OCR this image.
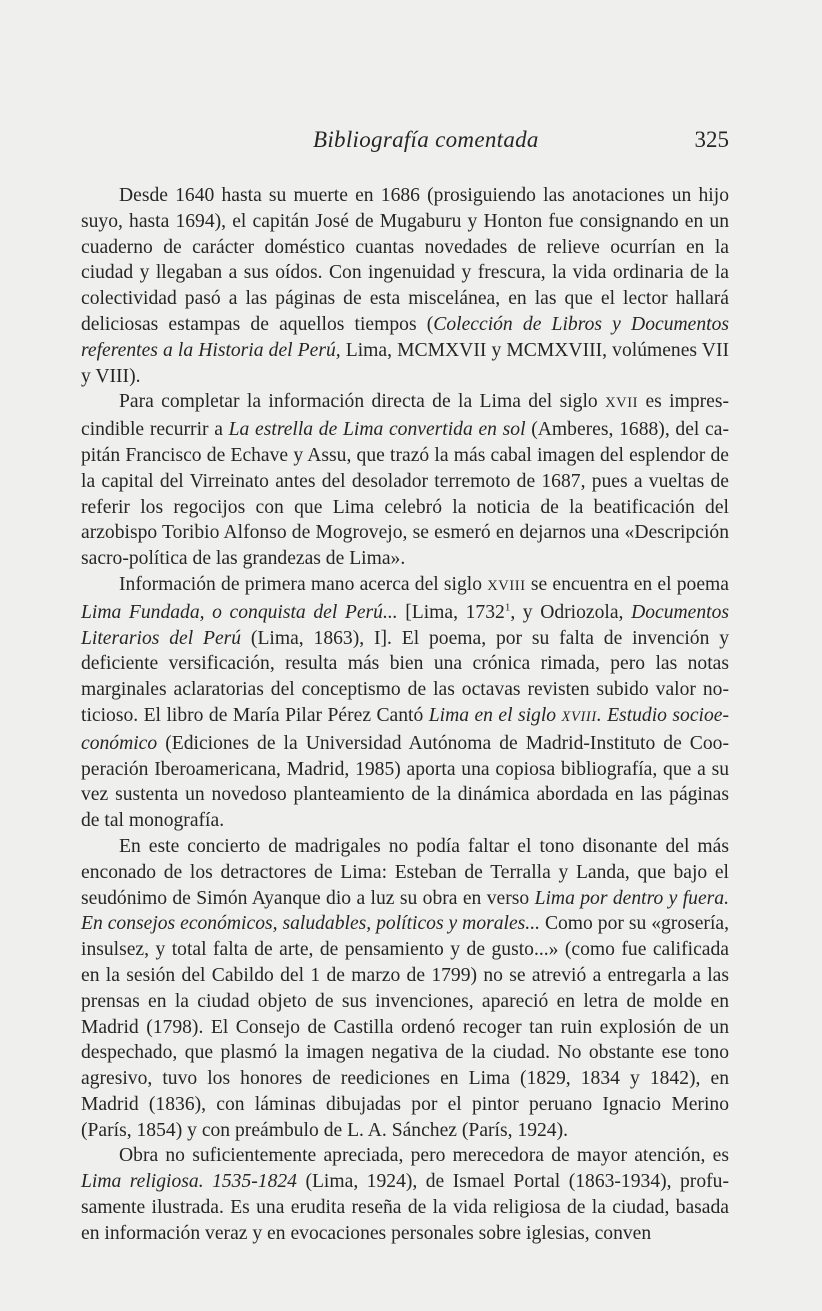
Bibliografía comentada	325

Desde 1640 hasta su muerte en 1686 (prosiguiendo las anotaciones un hijo suyo, hasta 1694), el capitán José de Mugaburu y Honton fue consignando en un cuaderno de carácter doméstico cuantas novedades de relieve ocurrían en la ciudad y llegaban a sus oídos. Con ingenuidad y frescura, la vida ordinaria de la colectividad pasó a las páginas de esta miscelánea, en las que el lector hallará deliciosas estampas de aquellos tiempos (Colección de Libros y Documentos referentes a la Historia del Perú, Lima, MCMXVII y MCMXVIII, volúmenes VII y VIII).

Para completar la información directa de la Lima del siglo XVII es imprescindible recurrir a La estrella de Lima convertida en sol (Amberes, 1688), del capitán Francisco de Echave y Assu, que trazó la más cabal imagen del esplendor de la capital del Virreinato antes del desolador terremoto de 1687, pues a vueltas de referir los regocijos con que Lima celebró la noticia de la beatificación del arzobispo Toribio Alfonso de Mogrovejo, se esmeró en dejarnos una «Descripción sacro-política de las grandezas de Lima».

Información de primera mano acerca del siglo XVIII se encuentra en el poema Lima Fundada, o conquista del Perú... [Lima, 1732$^1$, y Odriozola, Documentos Literarios del Perú (Lima, 1863), I]. El poema, por su falta de invención y deficiente versificación, resulta más bien una crónica rimada, pero las notas marginales aclaratorias del conceptismo de las octavas revisten subido valor noticioso. El libro de María Pilar Pérez Cantó Lima en el siglo XVIII. Estudio socioeconómico (Ediciones de la Universidad Autónoma de Madrid-Instituto de Cooperación Iberoamericana, Madrid, 1985) aporta una copiosa bibliografía, que a su vez sustenta un novedoso planteamiento de la dinámica abordada en las páginas de tal monografía.

En este concierto de madrigales no podía faltar el tono disonante del más enconado de los detractores de Lima: Esteban de Terralla y Landa, que bajo el seudónimo de Simón Ayanque dio a luz su obra en verso Lima por dentro y fuera. En consejos económicos, saludables, políticos y morales... Como por su «grosería, insulsez, y total falta de arte, de pensamiento y de gusto...» (como fue calificada en la sesión del Cabildo del 1 de marzo de 1799) no se atrevió a entregarla a las prensas en la ciudad objeto de sus invenciones, apareció en letra de molde en Madrid (1798). El Consejo de Castilla ordenó recoger tan ruin explosión de un despechado, que plasmó la imagen negativa de la ciudad. No obstante ese tono agresivo, tuvo los honores de reediciones en Lima (1829, 1834 y 1842), en Madrid (1836), con láminas dibujadas por el pintor peruano Ignacio Merino (París, 1854) y con preámbulo de L. A. Sánchez (París, 1924).

Obra no suficientemente apreciada, pero merecedora de mayor atención, es Lima religiosa. 1535-1824 (Lima, 1924), de Ismael Portal (1863-1934), profusamente ilustrada. Es una erudita reseña de la vida religiosa de la ciudad, basada en información veraz y en evocaciones personales sobre iglesias, conven
